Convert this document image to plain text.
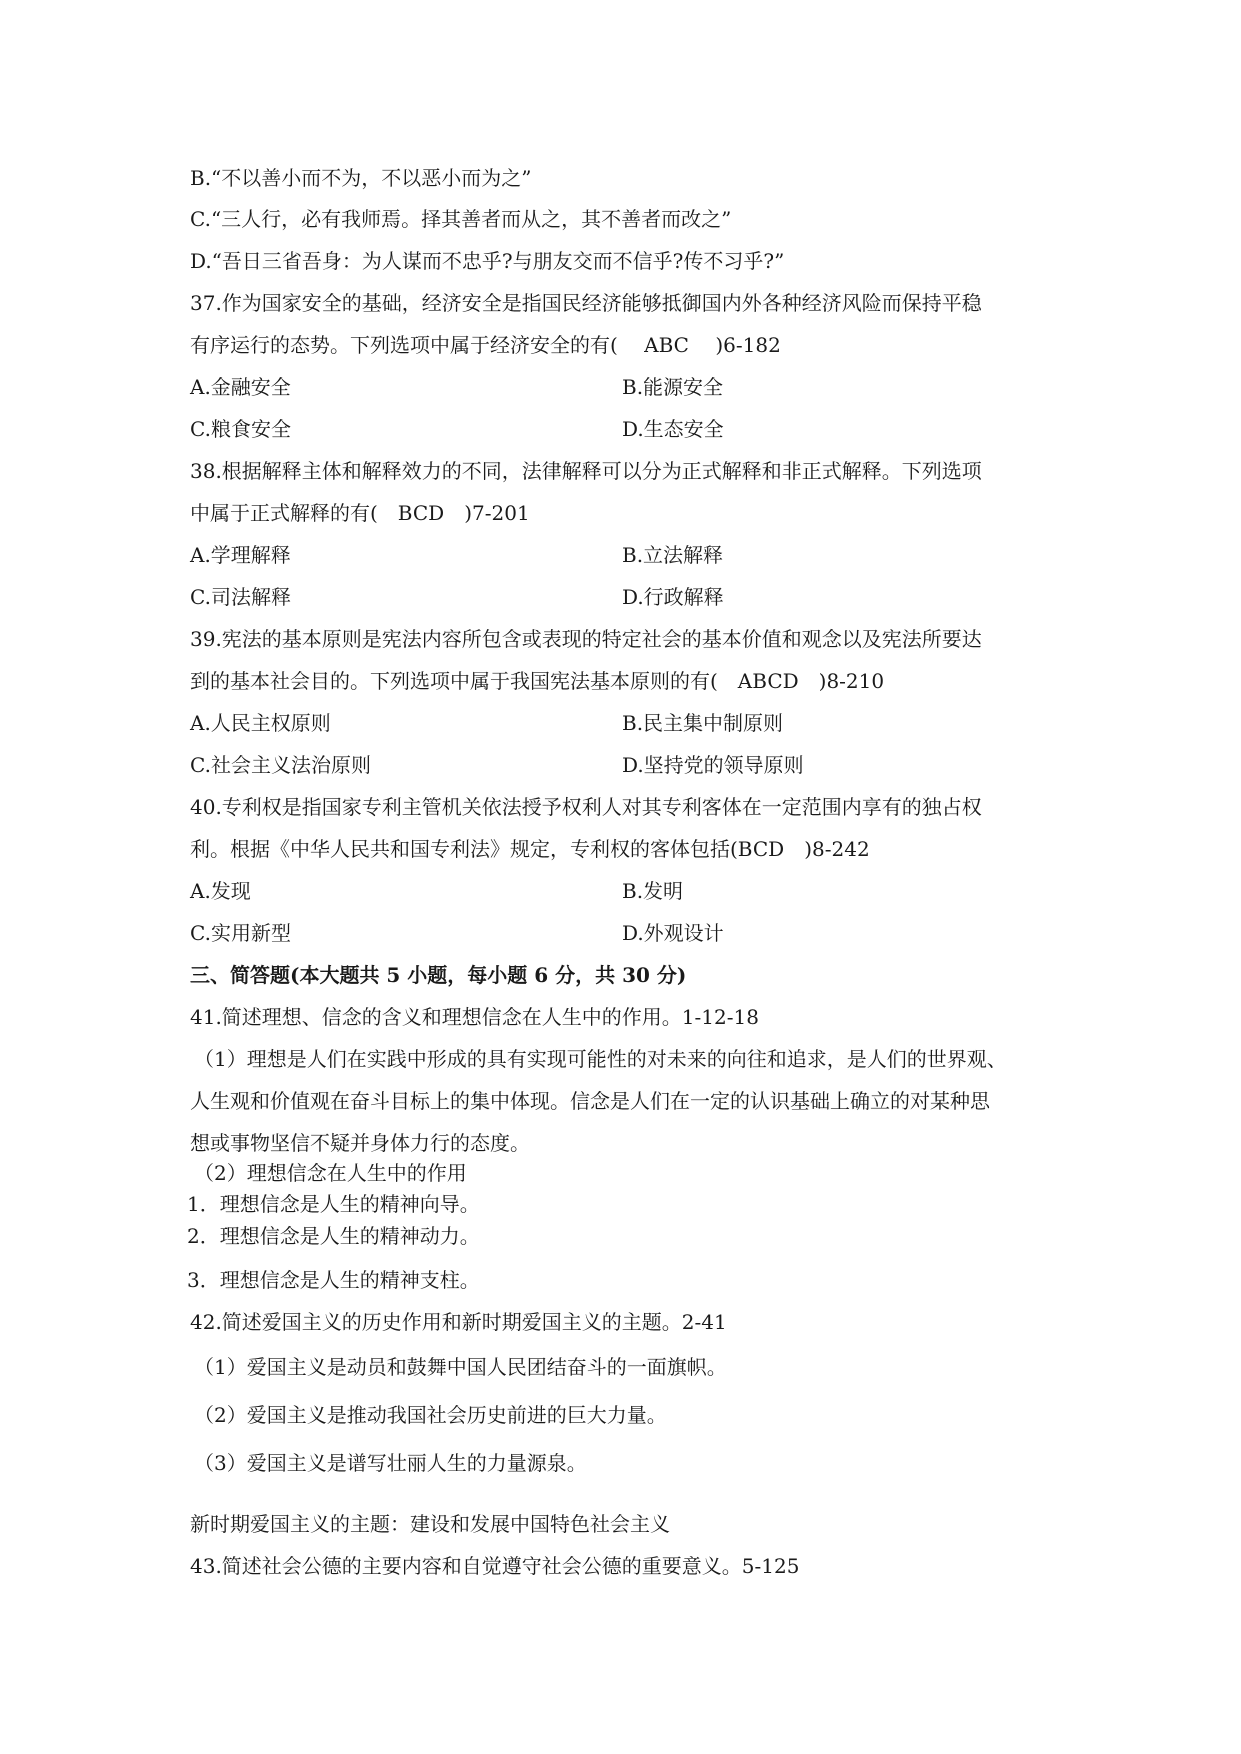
B.“不以善小而不为，不以恶小而为之”
C.“三人行，必有我师焉。择其善者而从之，其不善者而改之”
D.“吾日三省吾身：为人谋而不忠乎?与朋友交而不信乎?传不习乎?”
37.作为国家安全的基础，经济安全是指国民经济能够抵御国内外各种经济风险而保持平稳
有序运行的态势。下列选项中属于经济安全的有(　 ABC　 )6-182
A.金融安全	B.能源安全
C.粮食安全	D.生态安全
38.根据解释主体和解释效力的不同，法律解释可以分为正式解释和非正式解释。下列选项
中属于正式解释的有(　BCD　)7-201
A.学理解释	B.立法解释
C.司法解释	D.行政解释
39.宪法的基本原则是宪法内容所包含或表现的特定社会的基本价值和观念以及宪法所要达
到的基本社会目的。下列选项中属于我国宪法基本原则的有(　ABCD　)8-210
A.人民主权原则	B.民主集中制原则
C.社会主义法治原则	D.坚持党的领导原则
40.专利权是指国家专利主管机关依法授予权利人对其专利客体在一定范围内享有的独占权
利。根据《中华人民共和国专利法》规定，专利权的客体包括(BCD　)8-242
A.发现	B.发明
C.实用新型	D.外观设计
三、简答题(本大题共 5 小题，每小题 6 分，共 30 分)
41.简述理想、信念的含义和理想信念在人生中的作用。1-12-18
（1）理想是人们在实践中形成的具有实现可能性的对未来的向往和追求，是人们的世界观、
人生观和价值观在奋斗目标上的集中体现。信念是人们在一定的认识基础上确立的对某种思
想或事物坚信不疑并身体力行的态度。
（2）理想信念在人生中的作用
1．理想信念是人生的精神向导。
2．理想信念是人生的精神动力。
3．理想信念是人生的精神支柱。
42.简述爱国主义的历史作用和新时期爱国主义的主题。2-41
（1）爱国主义是动员和鼓舞中国人民团结奋斗的一面旗帜。
（2）爱国主义是推动我国社会历史前进的巨大力量。
（3）爱国主义是谱写壮丽人生的力量源泉。
新时期爱国主义的主题：建设和发展中国特色社会主义
43.简述社会公德的主要内容和自觉遵守社会公德的重要意义。5-125
